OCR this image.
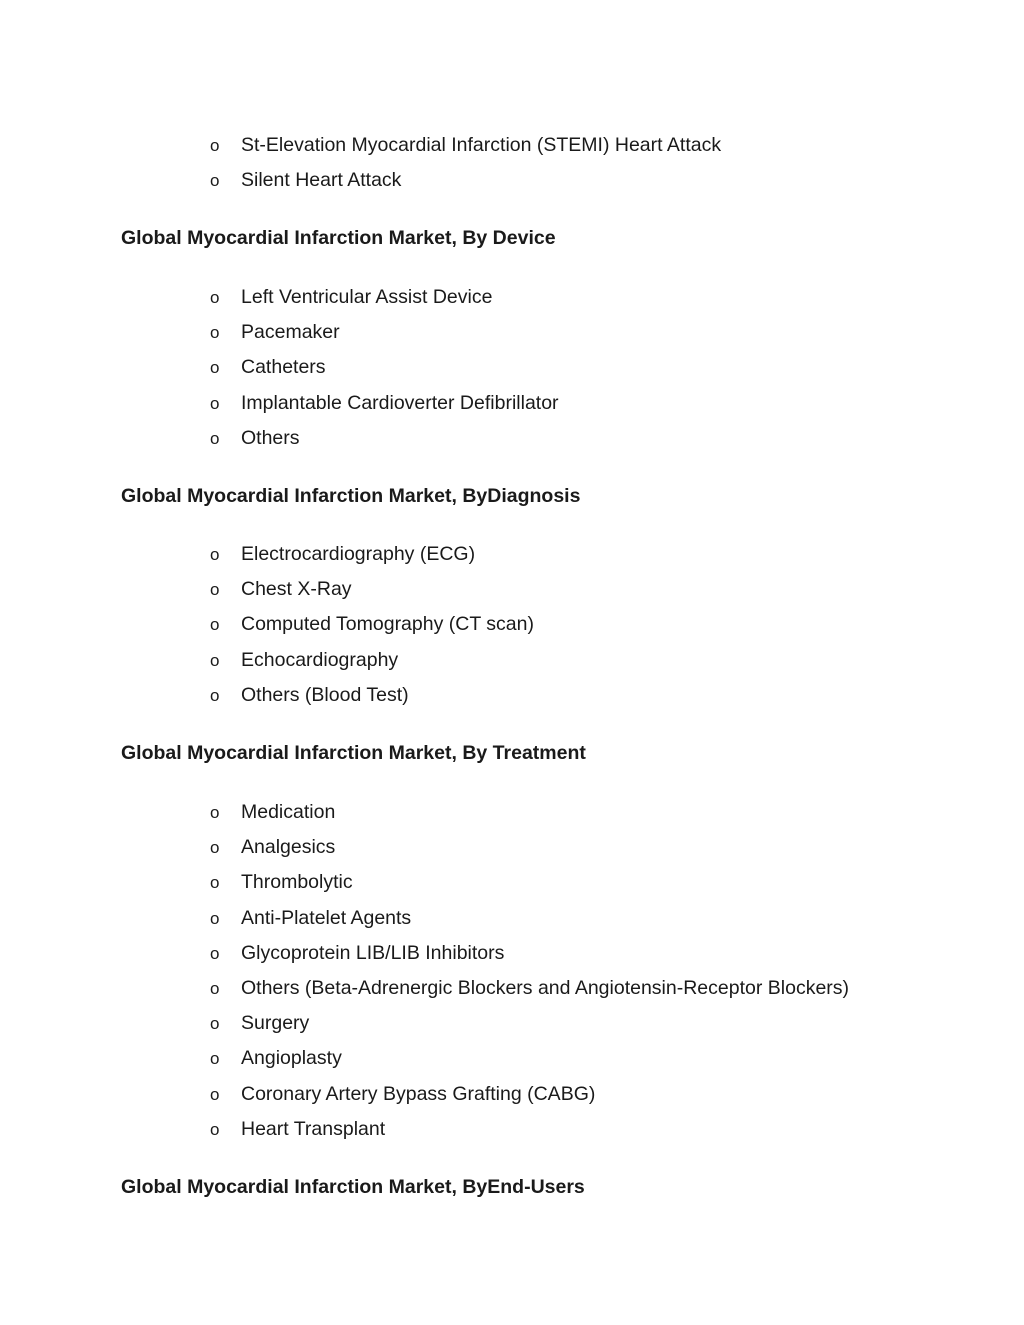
o St-Elevation Myocardial Infarction (STEMI) Heart Attack
o Silent Heart Attack
Global Myocardial Infarction Market, By Device
o Left Ventricular Assist Device
o Pacemaker
o Catheters
o Implantable Cardioverter Defibrillator
o Others
Global Myocardial Infarction Market, ByDiagnosis
o Electrocardiography (ECG)
o Chest X-Ray
o Computed Tomography (CT scan)
o Echocardiography
o Others (Blood Test)
Global Myocardial Infarction Market, By Treatment
o Medication
o Analgesics
o Thrombolytic
o Anti-Platelet Agents
o Glycoprotein LIB/LIB Inhibitors
o Others (Beta-Adrenergic Blockers and Angiotensin-Receptor Blockers)
o Surgery
o Angioplasty
o Coronary Artery Bypass Grafting (CABG)
o Heart Transplant
Global Myocardial Infarction Market, ByEnd-Users
